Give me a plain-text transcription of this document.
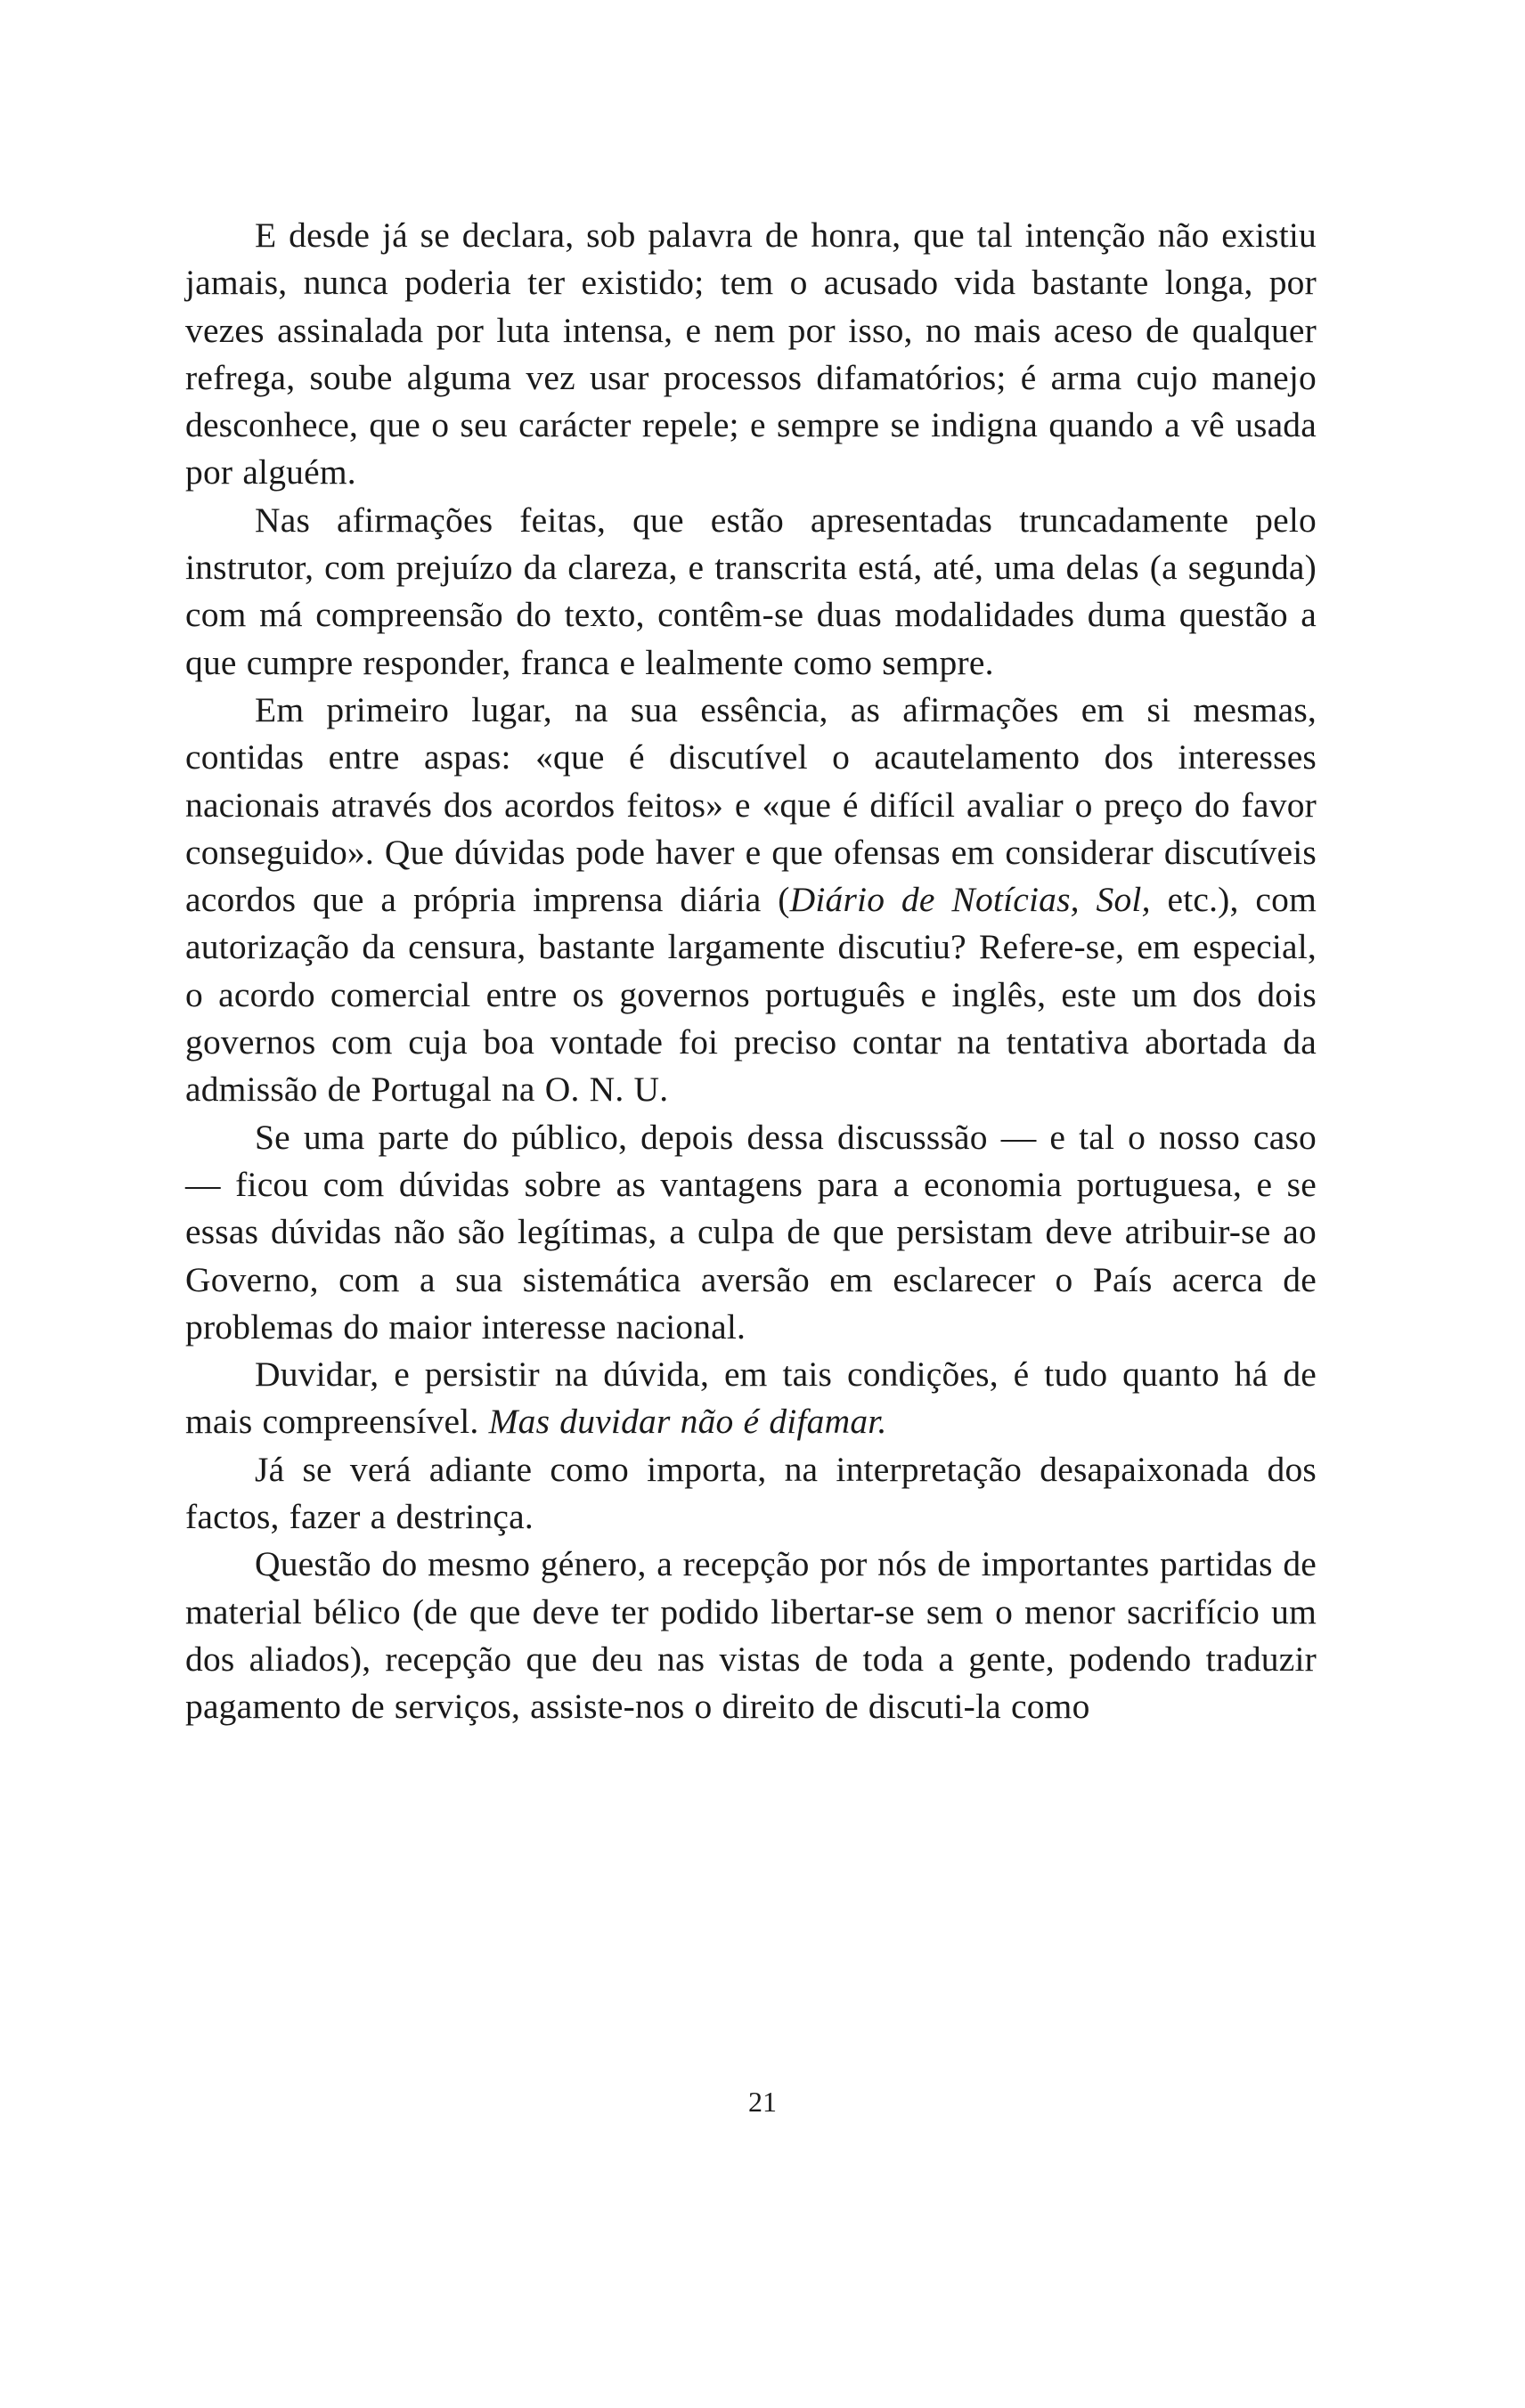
E desde já se declara, sob palavra de honra, que tal intenção não existiu jamais, nunca poderia ter existido; tem o acusado vida bastante longa, por vezes assinalada por luta intensa, e nem por isso, no mais aceso de qualquer refrega, soube alguma vez usar processos difamatórios; é arma cujo manejo desconhece, que o seu carácter repele; e sempre se indigna quando a vê usada por alguém.

Nas afirmações feitas, que estão apresentadas truncadamente pelo instrutor, com prejuízo da clareza, e transcrita está, até, uma delas (a segunda) com má compreensão do texto, contêm-se duas modalidades duma questão a que cumpre responder, franca e lealmente como sempre.

Em primeiro lugar, na sua essência, as afirmações em si mesmas, contidas entre aspas: «que é discutível o acautelamento dos interesses nacionais através dos acordos feitos» e «que é difícil avaliar o preço do favor conseguido». Que dúvidas pode haver e que ofensas em considerar discutíveis acordos que a própria imprensa diária (Diário de Notícias, Sol, etc.), com autorização da censura, bastante largamente discutiu? Refere-se, em especial, o acordo comercial entre os governos português e inglês, este um dos dois governos com cuja boa vontade foi preciso contar na tentativa abortada da admissão de Portugal na O. N. U.

Se uma parte do público, depois dessa discusssão — e tal o nosso caso — ficou com dúvidas sobre as vantagens para a economia portuguesa, e se essas dúvidas não são legítimas, a culpa de que persistam deve atribuir-se ao Governo, com a sua sistemática aversão em esclarecer o País acerca de problemas do maior interesse nacional.

Duvidar, e persistir na dúvida, em tais condições, é tudo quanto há de mais compreensível. Mas duvidar não é difamar.

Já se verá adiante como importa, na interpretação desapaixonada dos factos, fazer a destrinça.

Questão do mesmo género, a recepção por nós de importantes partidas de material bélico (de que deve ter podido libertar-se sem o menor sacrifício um dos aliados), recepção que deu nas vistas de toda a gente, podendo traduzir pagamento de serviços, assiste-nos o direito de discuti-la como

21
